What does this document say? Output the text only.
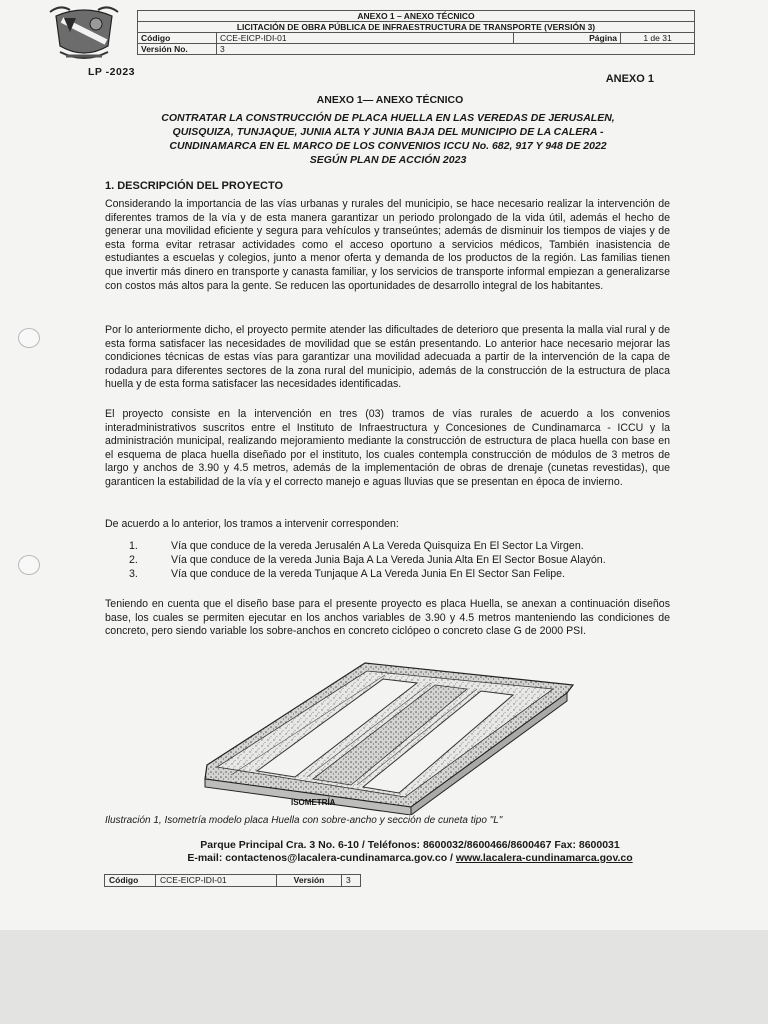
ANEXO 1 – ANEXO TÉCNICO			
LICITACIÓN DE OBRA PÚBLICA DE INFRAESTRUCTURA DE TRANSPORTE (VERSIÓN 3)			
Código	CCE-EICP-IDI-01	Página	1 de 31
Versión No.	3		
LP -2023
ANEXO 1
ANEXO 1— ANEXO TÉCNICO
CONTRATAR LA CONSTRUCCIÓN DE PLACA HUELLA EN LAS VEREDAS DE JERUSALEN,
QUISQUIZA, TUNJAQUE, JUNIA ALTA Y JUNIA BAJA DEL MUNICIPIO DE LA CALERA -
CUNDINAMARCA EN EL MARCO DE LOS CONVENIOS ICCU No. 682, 917 Y 948 DE 2022
SEGÚN PLAN DE ACCIÓN 2023
1. DESCRIPCIÓN DEL PROYECTO

Considerando la importancia de las vías urbanas y rurales del municipio, se hace necesario realizar la intervención de diferentes tramos de la vía y de esta manera garantizar un periodo prolongado de la vida útil, además el hecho de generar una movilidad eficiente y segura para vehículos y transeúntes; además de disminuir los tiempos de viajes y de esta forma evitar retrasar actividades como el acceso oportuno a servicios médicos, También inasistencia de estudiantes a escuelas y colegios, junto a menor oferta y demanda de los productos de la región. Las familias tienen que invertir más dinero en transporte y canasta familiar, y los servicios de transporte informal empiezan a generalizarse con costos más altos para la gente. Se reducen las oportunidades de desarrollo integral de los habitantes.

Por lo anteriormente dicho, el proyecto permite atender las dificultades de deterioro que presenta la malla vial rural y de esta forma satisfacer las necesidades de movilidad que se están presentando. Lo anterior hace necesario mejorar las condiciones técnicas de estas vías para garantizar una movilidad adecuada a partir de la intervención de la capa de rodadura para diferentes sectores de la zona rural del municipio, además de la construcción de la estructura de placa huella y de esta forma satisfacer las necesidades identificadas.

El proyecto consiste en la intervención en tres (03) tramos de vías rurales de acuerdo a los convenios interadministrativos suscritos entre el Instituto de Infraestructura y Concesiones de Cundinamarca - ICCU y la administración municipal, realizando mejoramiento mediante la construcción de estructura de placa huella con base en el esquema de placa huella diseñado por el instituto, los cuales contempla construcción de módulos de 3 metros de largo y anchos de 3.90 y 4.5 metros, además de la implementación de obras de drenaje (cunetas revestidas), que garanticen la estabilidad de la vía y el correcto manejo e aguas lluvias que se presentan en época de invierno.

De acuerdo a lo anterior, los tramos a intervenir corresponden:

1.	Vía que conduce de la vereda Jerusalén A La Vereda Quisquiza En El Sector La Virgen.
2.	Vía que conduce de la vereda Junia Baja A La Vereda Junia Alta En El Sector Bosue Alayón.
3.	Vía que conduce de la vereda Tunjaque A La Vereda Junia En El Sector San Felipe.

Teniendo en cuenta que el diseño base para el presente proyecto es placa Huella, se anexan a continuación diseños base, los cuales se permiten ejecutar en los anchos variables de 3.90 y 4.5 metros manteniendo las condiciones de concreto, pero siendo variable los sobre-anchos en concreto ciclópeo o concreto clase G de 2000 PSI.

ISOMETRÍA
Ilustración 1, Isometría modelo placa Huella con sobre-ancho y sección de cuneta tipo "L"
Parque Principal Cra. 3 No. 6-10 / Teléfonos: 8600032/8600466/8600467 Fax: 8600031
E-mail: contactenos@lacalera-cundinamarca.gov.co / www.lacalera-cundinamarca.gov.co
Código	CCE-EICP-IDI-01	Versión	3
